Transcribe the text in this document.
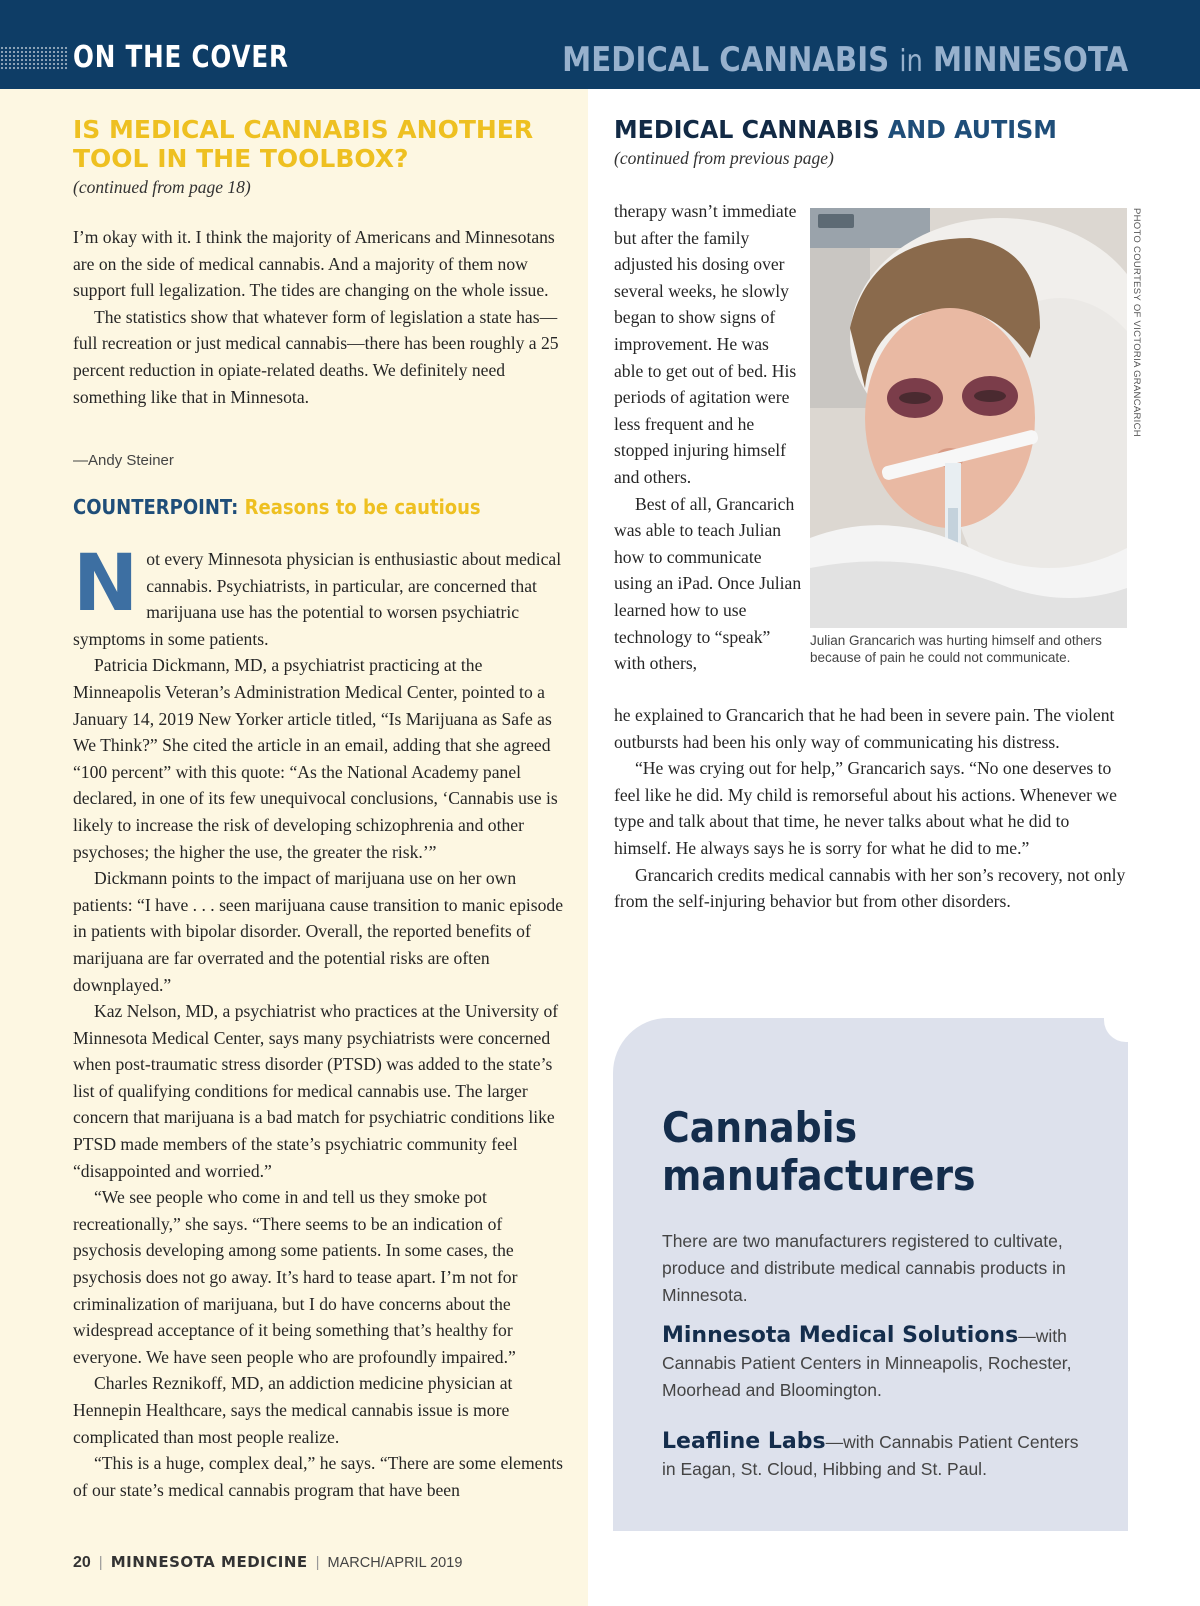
ON THE COVER	MEDICAL CANNABIS in MINNESOTA
IS MEDICAL CANNABIS ANOTHER TOOL IN THE TOOLBOX?
(continued from page 18)

I’m okay with it. I think the majority of Americans and Minnesotans are on the side of medical cannabis. And a majority of them now support full legalization. The tides are changing on the whole issue.

The statistics show that whatever form of legislation a state has—full recreation or just medical cannabis—there has been roughly a 25 percent reduction in opiate-related deaths. We definitely need something like that in Minnesota.

—Andy Steiner
COUNTERPOINT: Reasons to be cautious

Not every Minnesota physician is enthusiastic about medical cannabis. Psychiatrists, in particular, are concerned that marijuana use has the potential to worsen psychiatric symptoms in some patients.

Patricia Dickmann, MD, a psychiatrist practicing at the Minneapolis Veteran’s Administration Medical Center, pointed to a January 14, 2019 New Yorker article titled, “Is Marijuana as Safe as We Think?” She cited the article in an email, adding that she agreed “100 percent” with this quote: “As the National Academy panel declared, in one of its few unequivocal conclusions, ‘Cannabis use is likely to increase the risk of developing schizophrenia and other psychoses; the higher the use, the greater the risk.’”

Dickmann points to the impact of marijuana use on her own patients: “I have . . . seen marijuana cause transition to manic episode in patients with bipolar disorder. Overall, the reported benefits of marijuana are far overrated and the potential risks are often downplayed.”

Kaz Nelson, MD, a psychiatrist who practices at the University of Minnesota Medical Center, says many psychiatrists were concerned when post-traumatic stress disorder (PTSD) was added to the state’s list of qualifying conditions for medical cannabis use. The larger concern that marijuana is a bad match for psychiatric conditions like PTSD made members of the state’s psychiatric community feel “disappointed and worried.”

“We see people who come in and tell us they smoke pot recreationally,” she says. “There seems to be an indication of psychosis developing among some patients. In some cases, the psychosis does not go away. It’s hard to tease apart. I’m not for criminalization of marijuana, but I do have concerns about the widespread acceptance of it being something that’s healthy for everyone. We have seen people who are profoundly impaired.”

Charles Reznikoff, MD, an addiction medicine physician at Hennepin Healthcare, says the medical cannabis issue is more complicated than most people realize.

“This is a huge, complex deal,” he says. “There are some elements of our state’s medical cannabis program that have been

MEDICAL CANNABIS AND AUTISM
(continued from previous page)

therapy wasn’t immediate but after the family adjusted his dosing over several weeks, he slowly began to show signs of improvement. He was able to get out of bed. His periods of agitation were less frequent and he stopped injuring himself and others.

Best of all, Grancarich was able to teach Julian how to communicate using an iPad. Once Julian learned how to use technology to “speak” with others,

PHOTO COURTESY OF VICTORIA GRANCARICH
Julian Grancarich was hurting himself and others because of pain he could not communicate.

he explained to Grancarich that he had been in severe pain. The violent outbursts had been his only way of communicating his distress.

“He was crying out for help,” Grancarich says. “No one deserves to feel like he did. My child is remorseful about his actions. Whenever we type and talk about that time, he never talks about what he did to himself. He always says he is sorry for what he did to me.”

Grancarich credits medical cannabis with her son’s recovery, not only from the self-injuring behavior but from other disorders.

Cannabis manufacturers
There are two manufacturers registered to cultivate, produce and distribute medical cannabis products in Minnesota.
Minnesota Medical Solutions—with Cannabis Patient Centers in Minneapolis, Rochester, Moorhead and Bloomington.
Leafline Labs—with Cannabis Patient Centers in Eagan, St. Cloud, Hibbing and St. Paul.
20 | MINNESOTA MEDICINE | MARCH/APRIL 2019
